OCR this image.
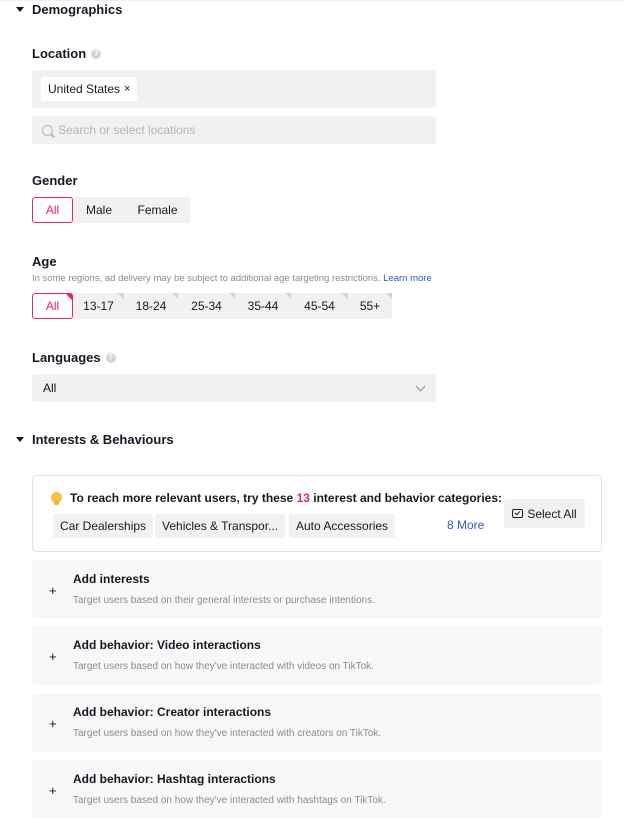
Demographics
Location ?
United States ×
Search or select locations
Gender
All Male Female
Age
In some regions, ad delivery may be subject to additional age targeting restrictions. Learn more
All 13-17 18-24 25-34 35-44 45-54 55+
Languages ?
All
Interests & Behaviours
To reach more relevant users, try these 13 interest and behavior categories:
Car Dealerships Vehicles & Transpor... Auto Accessories	8 More
Select All
+
Add interests
Target users based on their general interests or purchase intentions.
+
Add behavior: Video interactions
Target users based on how they've interacted with videos on TikTok.
+
Add behavior: Creator interactions
Target users based on how they've interacted with creators on TikTok.
+
Add behavior: Hashtag interactions
Target users based on how they've interacted with hashtags on TikTok.
